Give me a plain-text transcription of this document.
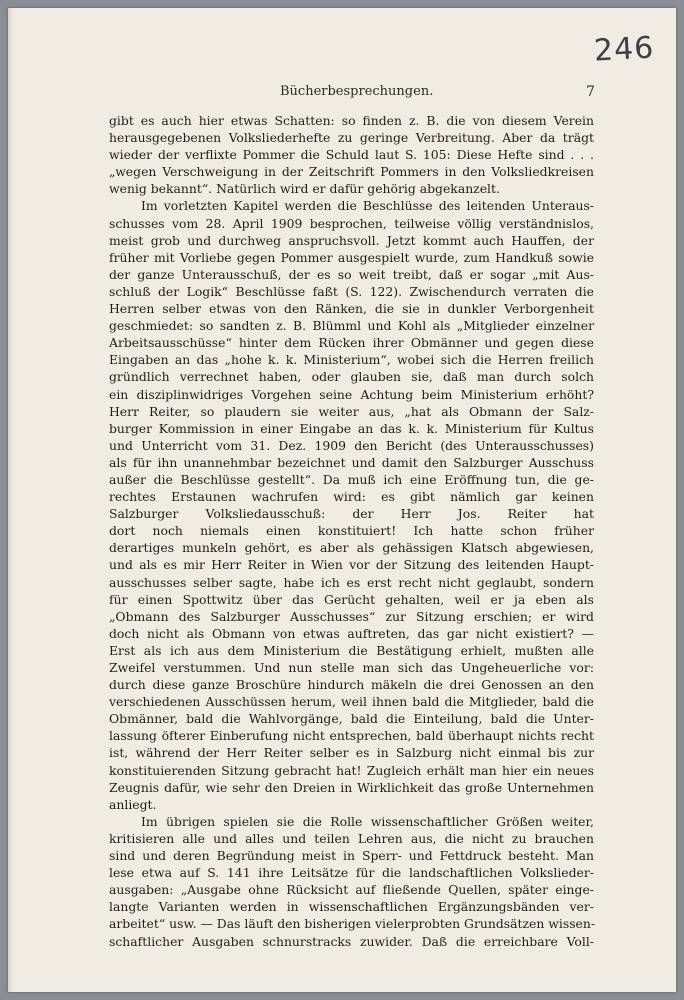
246
Bücherbesprechungen.	7
gibt es auch hier etwas Schatten: so finden z. B. die von diesem Verein
herausgegebenen Volksliederhefte zu geringe Verbreitung. Aber da trägt
wieder der verflixte Pommer die Schuld laut S. 105: Diese Hefte sind . . .
„wegen Verschweigung in der Zeitschrift Pommers in den Volksliedkreisen
wenig bekannt“. Natürlich wird er dafür gehörig abgekanzelt.
Im vorletzten Kapitel werden die Beschlüsse des leitenden Unteraus-
schusses vom 28. April 1909 besprochen, teilweise völlig verständnislos,
meist grob und durchweg anspruchsvoll. Jetzt kommt auch Hauffen, der
früher mit Vorliebe gegen Pommer ausgespielt wurde, zum Handkuß sowie
der ganze Unterausschuß, der es so weit treibt, daß er sogar „mit Aus-
schluß der Logik“ Beschlüsse faßt (S. 122). Zwischendurch verraten die
Herren selber etwas von den Ränken, die sie in dunkler Verborgenheit
geschmiedet: so sandten z. B. Blümml und Kohl als „Mitglieder einzelner
Arbeitsausschüsse“ hinter dem Rücken ihrer Obmänner und gegen diese
Eingaben an das „hohe k. k. Ministerium“, wobei sich die Herren freilich
gründlich verrechnet haben, oder glauben sie, daß man durch solch
ein disziplinwidriges Vorgehen seine Achtung beim Ministerium erhöht?
Herr Reiter, so plaudern sie weiter aus, „hat als Obmann der Salz-
burger Kommission in einer Eingabe an das k. k. Ministerium für Kultus
und Unterricht vom 31. Dez. 1909 den Bericht (des Unterausschusses)
als für ihn unannehmbar bezeichnet und damit den Salzburger Ausschuss
außer die Beschlüsse gestellt“. Da muß ich eine Eröffnung tun, die ge-
rechtes Erstaunen wachrufen wird: es gibt nämlich gar keinen
Salzburger Volksliedausschuß: der Herr Jos. Reiter hat
dort noch niemals einen konstituiert! Ich hatte schon früher
derartiges munkeln gehört, es aber als gehässigen Klatsch abgewiesen,
und als es mir Herr Reiter in Wien vor der Sitzung des leitenden Haupt-
ausschusses selber sagte, habe ich es erst recht nicht geglaubt, sondern
für einen Spottwitz über das Gerücht gehalten, weil er ja eben als
„Obmann des Salzburger Ausschusses“ zur Sitzung erschien; er wird
doch nicht als Obmann von etwas auftreten, das gar nicht existiert? —
Erst als ich aus dem Ministerium die Bestätigung erhielt, mußten alle
Zweifel verstummen. Und nun stelle man sich das Ungeheuerliche vor:
durch diese ganze Broschüre hindurch mäkeln die drei Genossen an den
verschiedenen Ausschüssen herum, weil ihnen bald die Mitglieder, bald die
Obmänner, bald die Wahlvorgänge, bald die Einteilung, bald die Unter-
lassung öfterer Einberufung nicht entsprechen, bald überhaupt nichts recht
ist, während der Herr Reiter selber es in Salzburg nicht einmal bis zur
konstituierenden Sitzung gebracht hat! Zugleich erhält man hier ein neues
Zeugnis dafür, wie sehr den Dreien in Wirklichkeit das große Unternehmen
anliegt.
Im übrigen spielen sie die Rolle wissenschaftlicher Größen weiter,
kritisieren alle und alles und teilen Lehren aus, die nicht zu brauchen
sind und deren Begründung meist in Sperr- und Fettdruck besteht. Man
lese etwa auf S. 141 ihre Leitsätze für die landschaftlichen Volkslieder-
ausgaben: „Ausgabe ohne Rücksicht auf fließende Quellen, später einge-
langte Varianten werden in wissenschaftlichen Ergänzungsbänden ver-
arbeitet“ usw. — Das läuft den bisherigen vielerprobten Grundsätzen wissen-
schaftlicher Ausgaben schnurstracks zuwider. Daß die erreichbare Voll-
